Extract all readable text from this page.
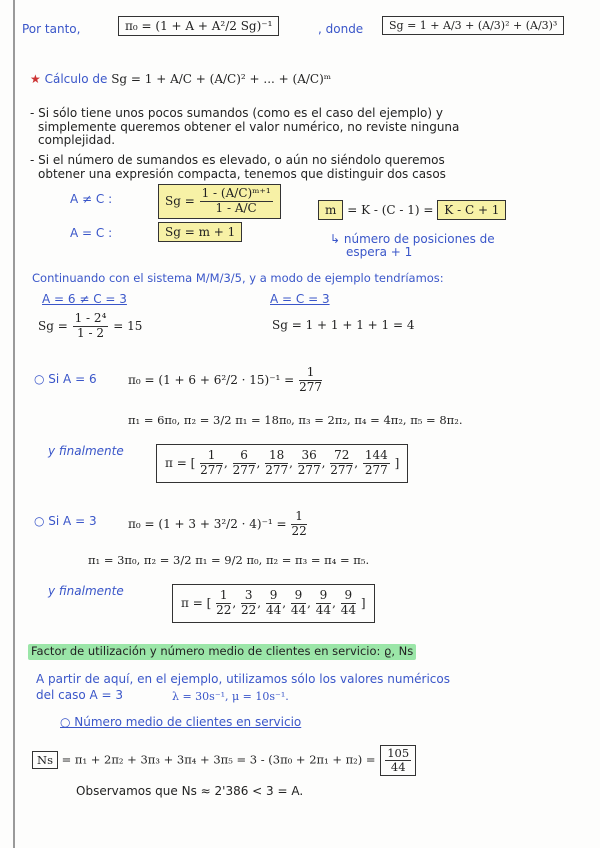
Por tanto,	π₀ = (1 + A + A²/2 Sg)⁻¹	, donde	Sg = 1 + A/3 + (A/3)² + (A/3)³
★ Cálculo de Sg = 1 + A/C + (A/C)² + ... + (A/C)ᵐ
- Si sólo tiene unos pocos sumandos (como es el caso del ejemplo) y
simplemente queremos obtener el valor numérico, no reviste ninguna
complejidad.
- Si el número de sumandos es elevado, o aún no siéndolo queremos
obtener una expresión compacta, tenemos que distinguir dos casos
A ≠ C :	$Sg = \frac{\text{1 - (A/C)ᵐ⁺¹}}{1 - A/C}$
A = C :	Sg = m + 1
m = K - (C - 1) = K - C + 1
↳ número de posiciones de
espera + 1
Continuando con el sistema M/M/3/5, y a modo de ejemplo tendríamos:
A = 6 ≠ C = 3
$Sg = \frac{\text{1 - 2⁴}}{1 - 2} = 15$
A = C = 3
Sg = 1 + 1 + 1 + 1 = 4
○ Si A = 6	$\pi_0 = (1 + 6 + 6^2/2 \cdot 15)^{-1} = \frac{1}{277}$
π₁ = 6π₀, π₂ = 3/2 π₁ = 18π₀, π₃ = 2π₂, π₄ = 4π₂, π₅ = 8π₂.
y finalmente
π = [ $\frac{1}{277}$ , $\frac{6}{277}$ , $\frac{18}{277}$ , $\frac{36}{277}$ , $\frac{72}{277}$ , $\frac{144}{277}$ ]
○ Si A = 3	$\pi_0 = (1 + 3 + 3^2/2 \cdot 4)^{-1} = \frac{1}{22}$
π₁ = 3π₀, π₂ = 3/2 π₁ = 9/2 π₀, π₂ = π₃ = π₄ = π₅.
y finalmente
π = [ $\frac{1}{22}$ , $\frac{3}{22}$ , $\frac{9}{44}$ , $\frac{9}{44}$ , $\frac{9}{44}$ , $\frac{9}{44}$ ]
Factor de utilización y número medio de clientes en servicio: ϱ, Ns
A partir de aquí, en el ejemplo, utilizamos sólo los valores numéricos
del caso A = 3	λ = 30s⁻¹, μ = 10s⁻¹.
○ Número medio de clientes en servicio
$Ns = \pi_1 + 2\pi_2 + 3\pi_3 + 3\pi_4 + 3\pi_5 = 3 - (3\pi_0 + 2\pi_1 + \pi_2) = \frac{105}{44}$
Observamos que Ns ≈ 2'386 < 3 = A.
